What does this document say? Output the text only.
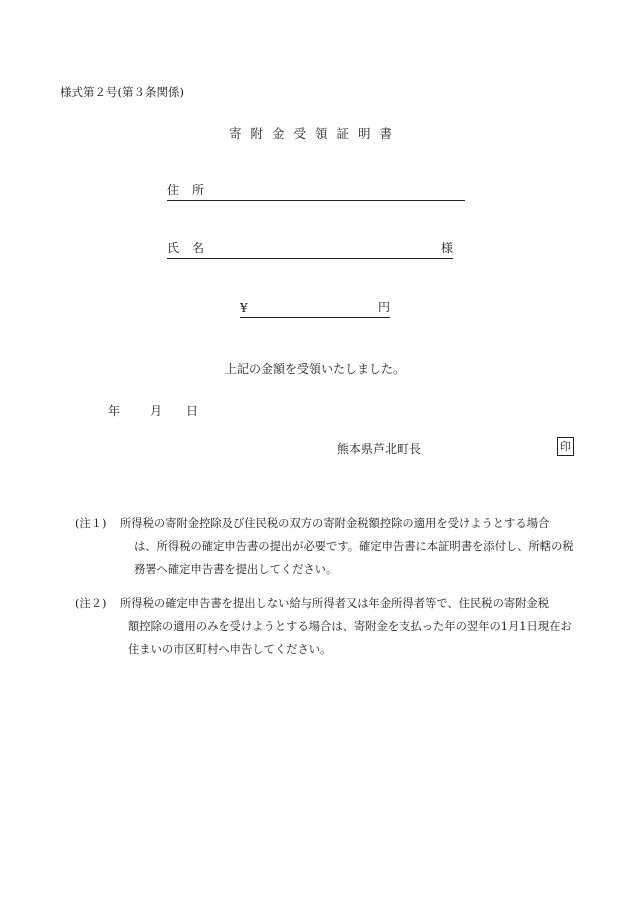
様式第２号(第３条関係)
寄附金受領証明書
住所
氏名	様
¥	円
上記の金額を受領いたしました。
年 月 日
熊本県芦北町長	印
(注１)	所得税の寄附金控除及び住民税の双方の寄附金税額控除の適用を受けようとする場合
は、所得税の確定申告書の提出が必要です。確定申告書に本証明書を添付し、所轄の税
務署へ確定申告書を提出してください。
(注２)	所得税の確定申告書を提出しない給与所得者又は年金所得者等で、住民税の寄附金税
額控除の適用のみを受けようとする場合は、寄附金を支払った年の翌年の1月1日現在お
住まいの市区町村へ申告してください。
